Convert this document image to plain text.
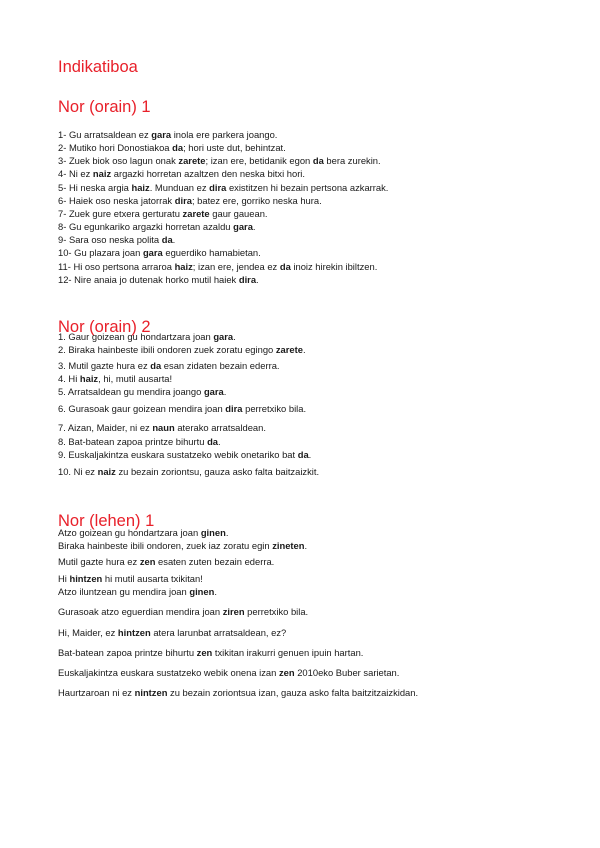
Indikatiboa
Nor (orain) 1
1- Gu arratsaldean ez gara inola ere parkera joango.
2- Mutiko hori Donostiakoa da; hori uste dut, behintzat.
3- Zuek biok oso lagun onak zarete; izan ere, betidanik egon da bera zurekin.
4- Ni ez naiz argazki horretan azaltzen den neska bitxi hori.
5- Hi neska argia haiz. Munduan ez dira existitzen hi bezain pertsona azkarrak.
6- Haiek oso neska jatorrak dira; batez ere, gorriko neska hura.
7- Zuek gure etxera gerturatu zarete gaur gauean.
8- Gu egunkariko argazki horretan azaldu gara.
9- Sara oso neska polita da.
10- Gu plazara joan gara eguerdiko hamabietan.
11- Hi oso pertsona arraroa haiz; izan ere, jendea ez da inoiz hirekin ibiltzen.
12- Nire anaia jo dutenak horko mutil haiek dira.
Nor (orain) 2
1. Gaur goizean gu hondartzara joan gara.
2. Biraka hainbeste ibili ondoren zuek zoratu egingo zarete.
3. Mutil gazte hura ez da esan zidaten bezain ederra.
4. Hi haiz, hi, mutil ausarta!
5. Arratsaldean gu mendira joango gara.
6. Gurasoak gaur goizean mendira joan dira perretxiko bila.
7. Aizan, Maider, ni ez naun aterako arratsaldean.
8. Bat-batean zapoa printze bihurtu da.
9. Euskaljakintza euskara sustatzeko webik onetariko bat da.
10. Ni ez naiz zu bezain zoriontsu, gauza asko falta baitzaizkit.
Nor (lehen) 1
Atzo goizean gu hondartzara joan ginen.
Biraka hainbeste ibili ondoren, zuek iaz zoratu egin zineten.
Mutil gazte hura ez zen esaten zuten bezain ederra.
Hi hintzen hi mutil ausarta txikitan!
Atzo iluntzean gu mendira joan ginen.
Gurasoak atzo eguerdian mendira joan ziren perretxiko bila.
Hi, Maider, ez hintzen atera larunbat arratsaldean, ez?
Bat-batean zapoa printze bihurtu zen txikitan irakurri genuen ipuin hartan.
Euskaljakintza euskara sustatzeko webik onena izan zen 2010eko Buber sarietan.
Haurtzaroan ni ez nintzen zu bezain zoriontsua izan, gauza asko falta baitzitzaizkidan.
